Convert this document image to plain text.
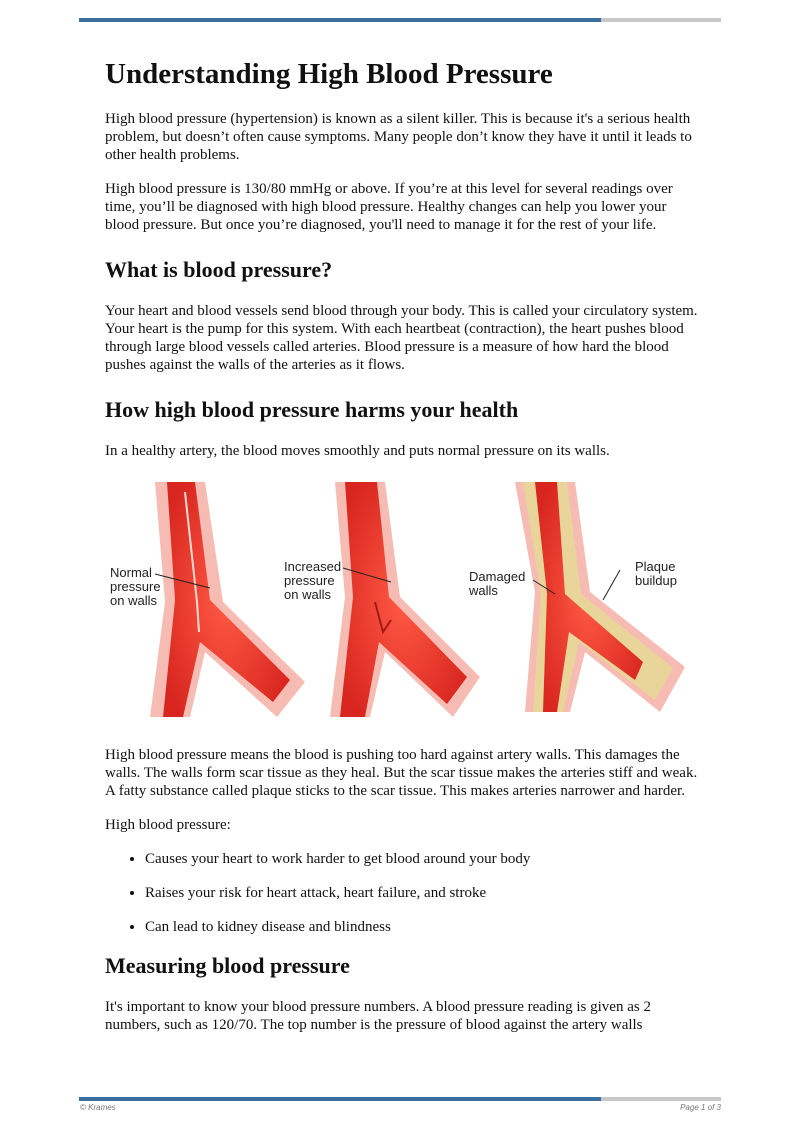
Understanding High Blood Pressure

High blood pressure (hypertension) is known as a silent killer. This is because it's a serious health problem, but doesn’t often cause symptoms. Many people don’t know they have it until it leads to other health problems.

High blood pressure is 130/80 mmHg or above. If you’re at this level for several readings over time, you’ll be diagnosed with high blood pressure. Healthy changes can help you lower your blood pressure. But once you’re diagnosed, you'll need to manage it for the rest of your life.

What is blood pressure?

Your heart and blood vessels send blood through your body. This is called your circulatory system. Your heart is the pump for this system. With each heartbeat (contraction), the heart pushes blood through large blood vessels called arteries. Blood pressure is a measure of how hard the blood pushes against the walls of the arteries as it flows.

How high blood pressure harms your health

In a healthy artery, the blood moves smoothly and puts normal pressure on its walls.

Normal
pressure
on walls
Increased
pressure
on walls
Damaged
walls
Plaque
buildup

High blood pressure means the blood is pushing too hard against artery walls. This damages the walls. The walls form scar tissue as they heal. But the scar tissue makes the arteries stiff and weak. A fatty substance called plaque sticks to the scar tissue. This makes arteries narrower and harder.

High blood pressure:

• Causes your heart to work harder to get blood around your body
• Raises your risk for heart attack, heart failure, and stroke
• Can lead to kidney disease and blindness
Measuring blood pressure

It's important to know your blood pressure numbers. A blood pressure reading is given as 2 numbers, such as 120/70. The top number is the pressure of blood against the artery walls

© Krames	Page 1 of 3
